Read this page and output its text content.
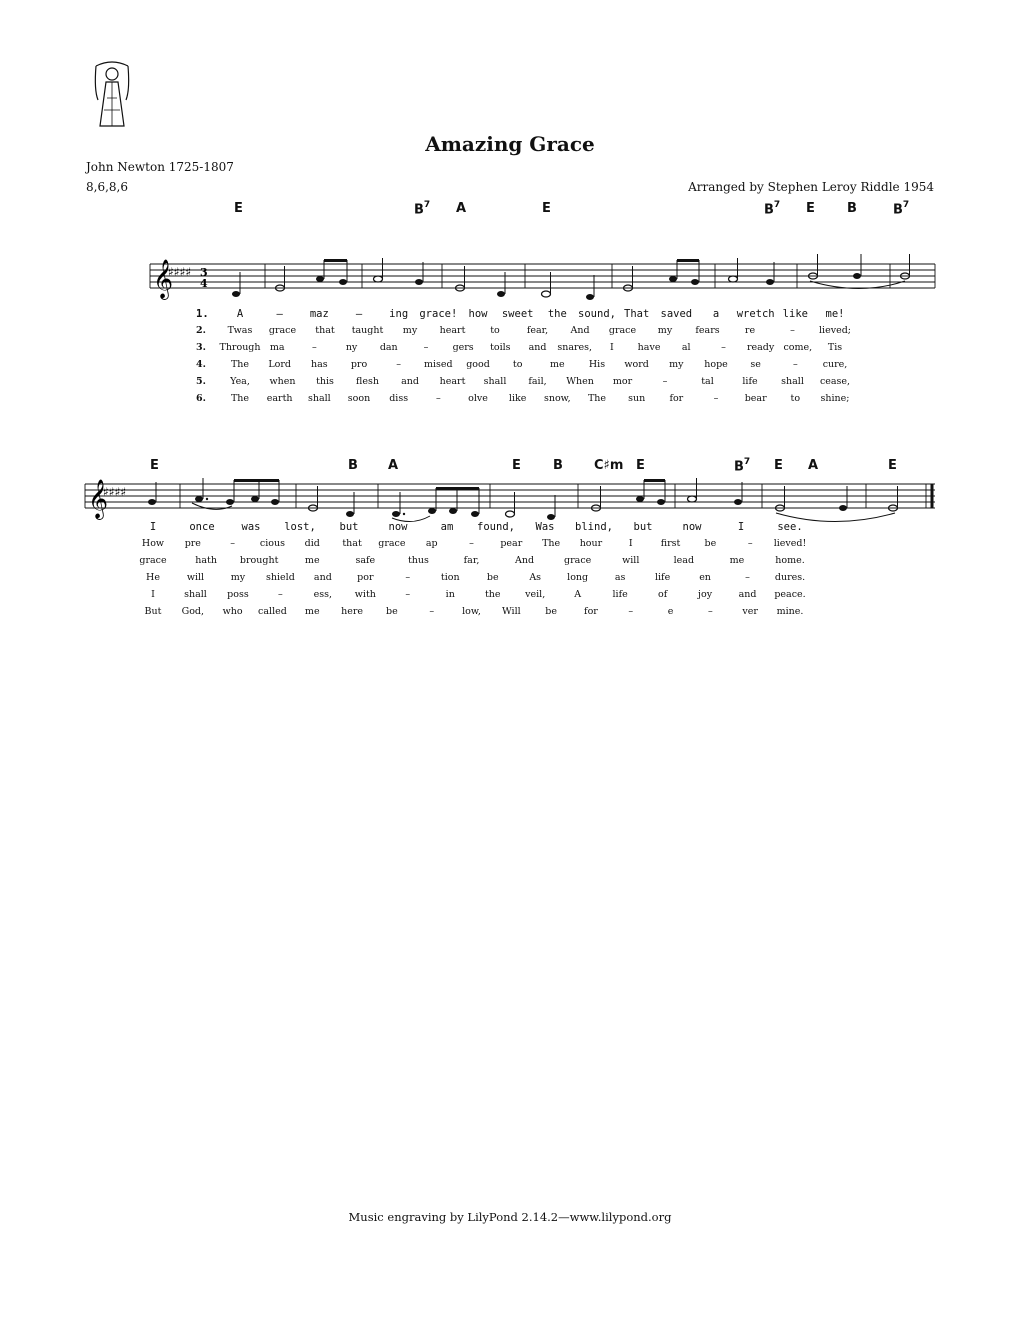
Amazing Grace
John Newton 1725-1807
8,6,8,6	Arranged by Stephen Leroy Riddle 1954
E	$B^7$ A	E	$B^7$ E B	$B^7$
𝄞
♯♯♯♯ 3
4
1.
2.
3.
4.
5.
6.
A	–	maz	–	ing grace! how sweet the sound, That saved a wretch like me!
Twas grace that taught my heart	to	fear, And grace my fears	re	–	lieved;
Through ma	–	ny dan	–	gers toils and snares, I	have al	– ready come, Tis
The Lord has pro	– mised good to	me	His word my hope se	–	cure,
Yea, when this flesh and heart shall fail, When mor	–	tal	life shall cease,
The earth shall soon diss	–	olve like snow, The sun	for	–	bear	to shine;
I	once	was lost, but	now	am found, Was blind, but	now	I	see.
How pre	–	cious did that grace ap	–	pear The hour	I	first	be	– lieved!
grace	hath brought	me	safe	thus	far,	And	grace	will	lead	me	home.
He	will	my shield and	por	–	tion	be	As	long	as	life	en	–	dures.
I	shall poss	–	ess, with	–	in	the	veil,	A	life	of	joy	and peace.
But God, who called me here be	–	low, Will	be	for	–	e	–	ver mine.
E	B A	E B C♯m E	$B^7$ E A	E
𝄞
♯♯♯♯
Music engraving by LilyPond 2.14.2—www.lilypond.org
